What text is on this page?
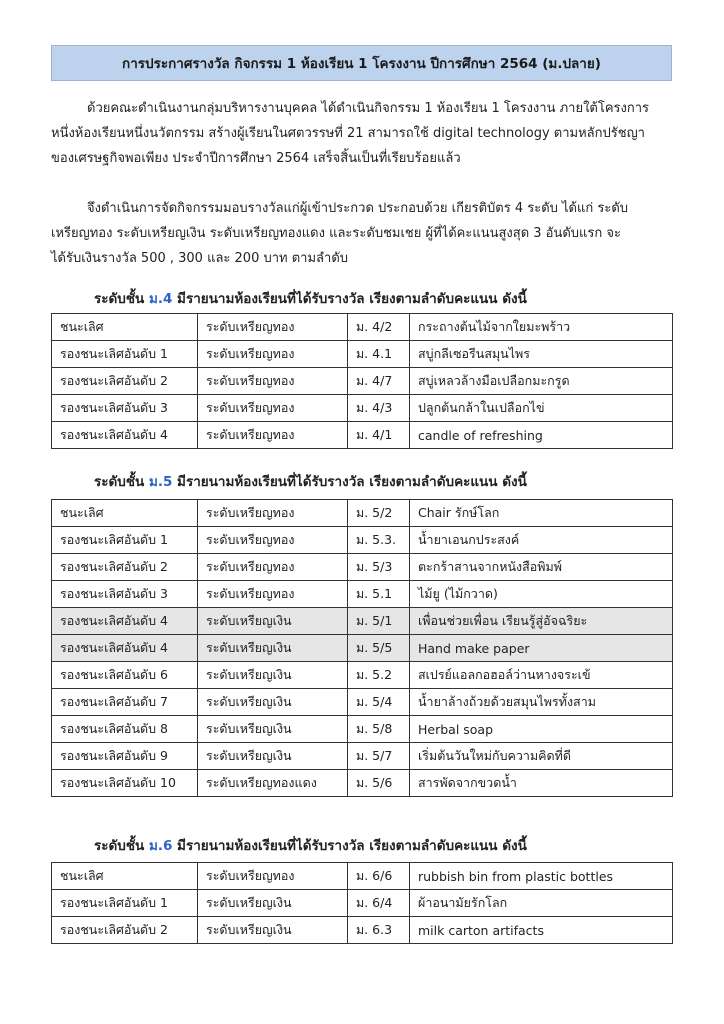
การประกาศรางวัล กิจกรรม 1 ห้องเรียน 1 โครงงาน ปีการศึกษา 2564 (ม.ปลาย)
ด้วยคณะดำเนินงานกลุ่มบริหารงานบุคคล ได้ดำเนินกิจกรรม 1 ห้องเรียน 1 โครงงาน ภายใต้โครงการ
หนึ่งห้องเรียนหนึ่งนวัตกรรม สร้างผู้เรียนในศตวรรษที่ 21 สามารถใช้ digital technology ตามหลักปรัชญา
ของเศรษฐกิจพอเพียง ประจำปีการศึกษา 2564 เสร็จสิ้นเป็นที่เรียบร้อยแล้ว
จึงดำเนินการจัดกิจกรรมมอบรางวัลแก่ผู้เข้าประกวด ประกอบด้วย เกียรติบัตร 4 ระดับ ได้แก่ ระดับ
เหรียญทอง ระดับเหรียญเงิน ระดับเหรียญทองแดง และระดับชมเชย ผู้ที่ได้คะแนนสูงสุด 3 อันดับแรก จะ
ได้รับเงินรางวัล 500 , 300 และ 200 บาท ตามลำดับ
ระดับชั้น ม.4 มีรายนามห้องเรียนที่ได้รับรางวัล เรียงตามลำดับคะแนน ดังนี้
ชนะเลิศ	ระดับเหรียญทอง	ม. 4/2	กระถางต้นไม้จากใยมะพร้าว
รองชนะเลิศอันดับ 1	ระดับเหรียญทอง	ม. 4.1	สบู่กลีเซอรีนสมุนไพร
รองชนะเลิศอันดับ 2	ระดับเหรียญทอง	ม. 4/7	สบู่เหลวล้างมือเปลือกมะกรูด
รองชนะเลิศอันดับ 3	ระดับเหรียญทอง	ม. 4/3	ปลูกต้นกล้าในเปลือกไข่
รองชนะเลิศอันดับ 4	ระดับเหรียญทอง	ม. 4/1	candle of refreshing
ระดับชั้น ม.5 มีรายนามห้องเรียนที่ได้รับรางวัล เรียงตามลำดับคะแนน ดังนี้
ชนะเลิศ	ระดับเหรียญทอง	ม. 5/2	Chair รักษ์โลก
รองชนะเลิศอันดับ 1	ระดับเหรียญทอง	ม. 5.3.	น้ำยาเอนกประสงค์
รองชนะเลิศอันดับ 2	ระดับเหรียญทอง	ม. 5/3	ตะกร้าสานจากหนังสือพิมพ์
รองชนะเลิศอันดับ 3	ระดับเหรียญทอง	ม. 5.1	ไม้ยู (ไม้กวาด)
รองชนะเลิศอันดับ 4	ระดับเหรียญเงิน	ม. 5/1	เพื่อนช่วยเพื่อน เรียนรู้สู่อัจฉริยะ
รองชนะเลิศอันดับ 4	ระดับเหรียญเงิน	ม. 5/5	Hand make paper
รองชนะเลิศอันดับ 6	ระดับเหรียญเงิน	ม. 5.2	สเปรย์แอลกอฮอล์ว่านหางจระเข้
รองชนะเลิศอันดับ 7	ระดับเหรียญเงิน	ม. 5/4	น้ำยาล้างถ้วยด้วยสมุนไพรทั้งสาม
รองชนะเลิศอันดับ 8	ระดับเหรียญเงิน	ม. 5/8	Herbal soap
รองชนะเลิศอันดับ 9	ระดับเหรียญเงิน	ม. 5/7	เริ่มต้นวันใหม่กับความคิดที่ดี
รองชนะเลิศอันดับ 10	ระดับเหรียญทองแดง	ม. 5/6	สารพัดจากขวดน้ำ
ระดับชั้น ม.6 มีรายนามห้องเรียนที่ได้รับรางวัล เรียงตามลำดับคะแนน ดังนี้
ชนะเลิศ	ระดับเหรียญทอง	ม. 6/6	rubbish bin from plastic bottles
รองชนะเลิศอันดับ 1	ระดับเหรียญเงิน	ม. 6/4	ผ้าอนามัยรักโลก
รองชนะเลิศอันดับ 2	ระดับเหรียญเงิน	ม. 6.3	milk carton artifacts
